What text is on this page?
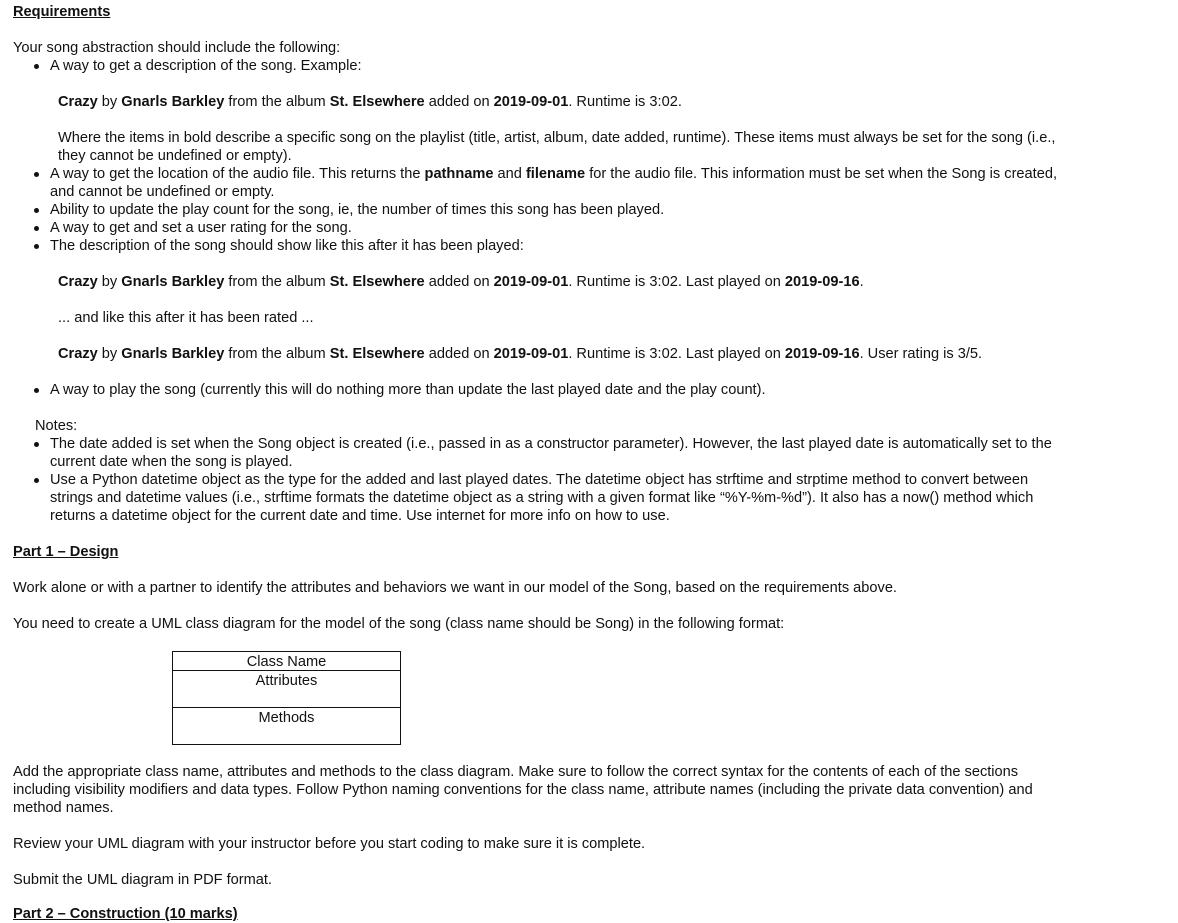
Requirements
Your song abstraction should include the following:
A way to get a description of the song. Example:
Crazy by Gnarls Barkley from the album St. Elsewhere added on 2019-09-01. Runtime is 3:02.
Where the items in bold describe a specific song on the playlist (title, artist, album, date added, runtime). These items must always be set for the song (i.e.,
they cannot be undefined or empty).
A way to get the location of the audio file. This returns the pathname and filename for the audio file. This information must be set when the Song is created,
and cannot be undefined or empty.
Ability to update the play count for the song, ie, the number of times this song has been played.
A way to get and set a user rating for the song.
The description of the song should show like this after it has been played:
Crazy by Gnarls Barkley from the album St. Elsewhere added on 2019-09-01. Runtime is 3:02. Last played on 2019-09-16.
... and like this after it has been rated ...
Crazy by Gnarls Barkley from the album St. Elsewhere added on 2019-09-01. Runtime is 3:02. Last played on 2019-09-16. User rating is 3/5.
A way to play the song (currently this will do nothing more than update the last played date and the play count).
Notes:
The date added is set when the Song object is created (i.e., passed in as a constructor parameter). However, the last played date is automatically set to the
current date when the song is played.
Use a Python datetime object as the type for the added and last played dates. The datetime object has strftime and strptime method to convert between
strings and datetime values (i.e., strftime formats the datetime object as a string with a given format like “%Y-%m-%d”). It also has a now() method which
returns a datetime object for the current date and time. Use internet for more info on how to use.
Part 1 – Design
Work alone or with a partner to identify the attributes and behaviors we want in our model of the Song, based on the requirements above.
You need to create a UML class diagram for the model of the song (class name should be Song) in the following format:
Class Name
Attributes
Methods
Add the appropriate class name, attributes and methods to the class diagram. Make sure to follow the correct syntax for the contents of each of the sections
including visibility modifiers and data types. Follow Python naming conventions for the class name, attribute names (including the private data convention) and
method names.
Review your UML diagram with your instructor before you start coding to make sure it is complete.
Submit the UML diagram in PDF format.
Part 2 – Construction (10 marks)
